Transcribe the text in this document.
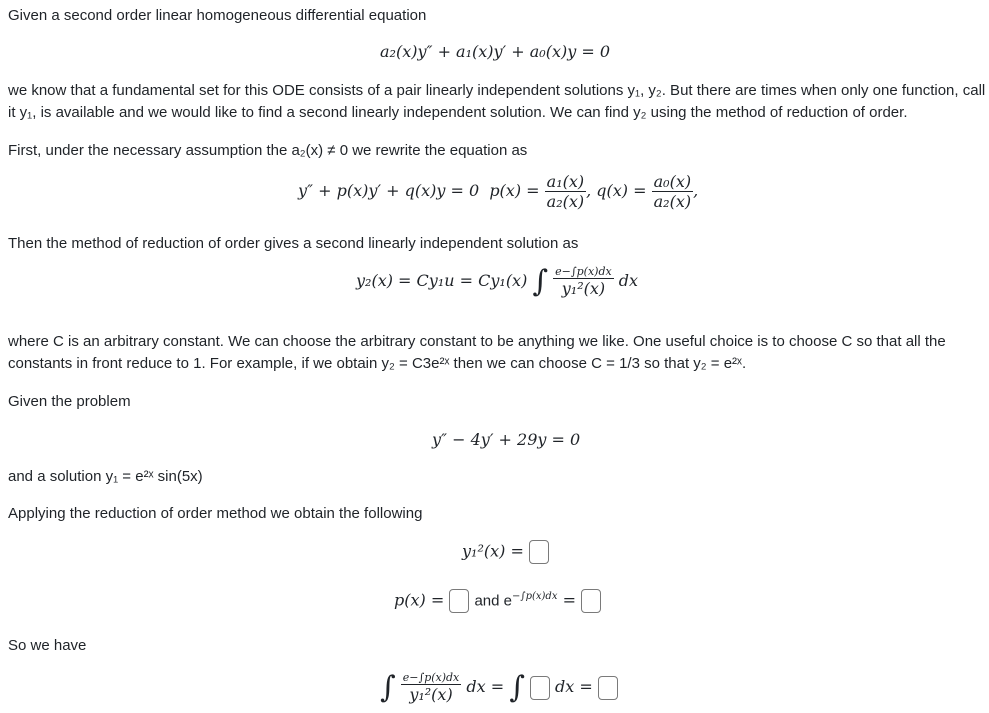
Given a second order linear homogeneous differential equation
a₂(x)y″ + a₁(x)y′ + a₀(x)y = 0
we know that a fundamental set for this ODE consists of a pair linearly independent solutions y₁, y₂. But there are times when only one function, call
it y₁, is available and we would like to find a second linearly independent solution. We can find y₂ using the method of reduction of order.
First, under the necessary assumption the a₂(x) ≠ 0 we rewrite the equation as
y″ + p(x)y′ + q(x)y = 0 $p(x) = \frac{\text{a₁(x)}}{\text{a₂(x)}}$ , $q(x) = \frac{\text{a₀(x)}}{\text{a₂(x)}}$ ,
Then the method of reduction of order gives a second linearly independent solution as
y₂(x) = Cy₁u = Cy₁(x) ∫ $\frac{e-\int p(x)dx}{\text{y₁²(x)}}$ dx
where C is an arbitrary constant. We can choose the arbitrary constant to be anything we like. One useful choice is to choose C so that all the
constants in front reduce to 1. For example, if we obtain y₂ = C3e²ˣ then we can choose C = 1/3 so that y₂ = e²ˣ.
Given the problem
y″ − 4y′ + 29y = 0
and a solution y₁ = e²ˣ sin(5x)
Applying the reduction of order method we obtain the following
y₁²(x) =
p(x) = and $e^{-\int p(x)dx}$ =
So we have
∫ $\frac{e-\int p(x)dx}{\text{y₁²(x)}}$ dx = ∫ dx =
